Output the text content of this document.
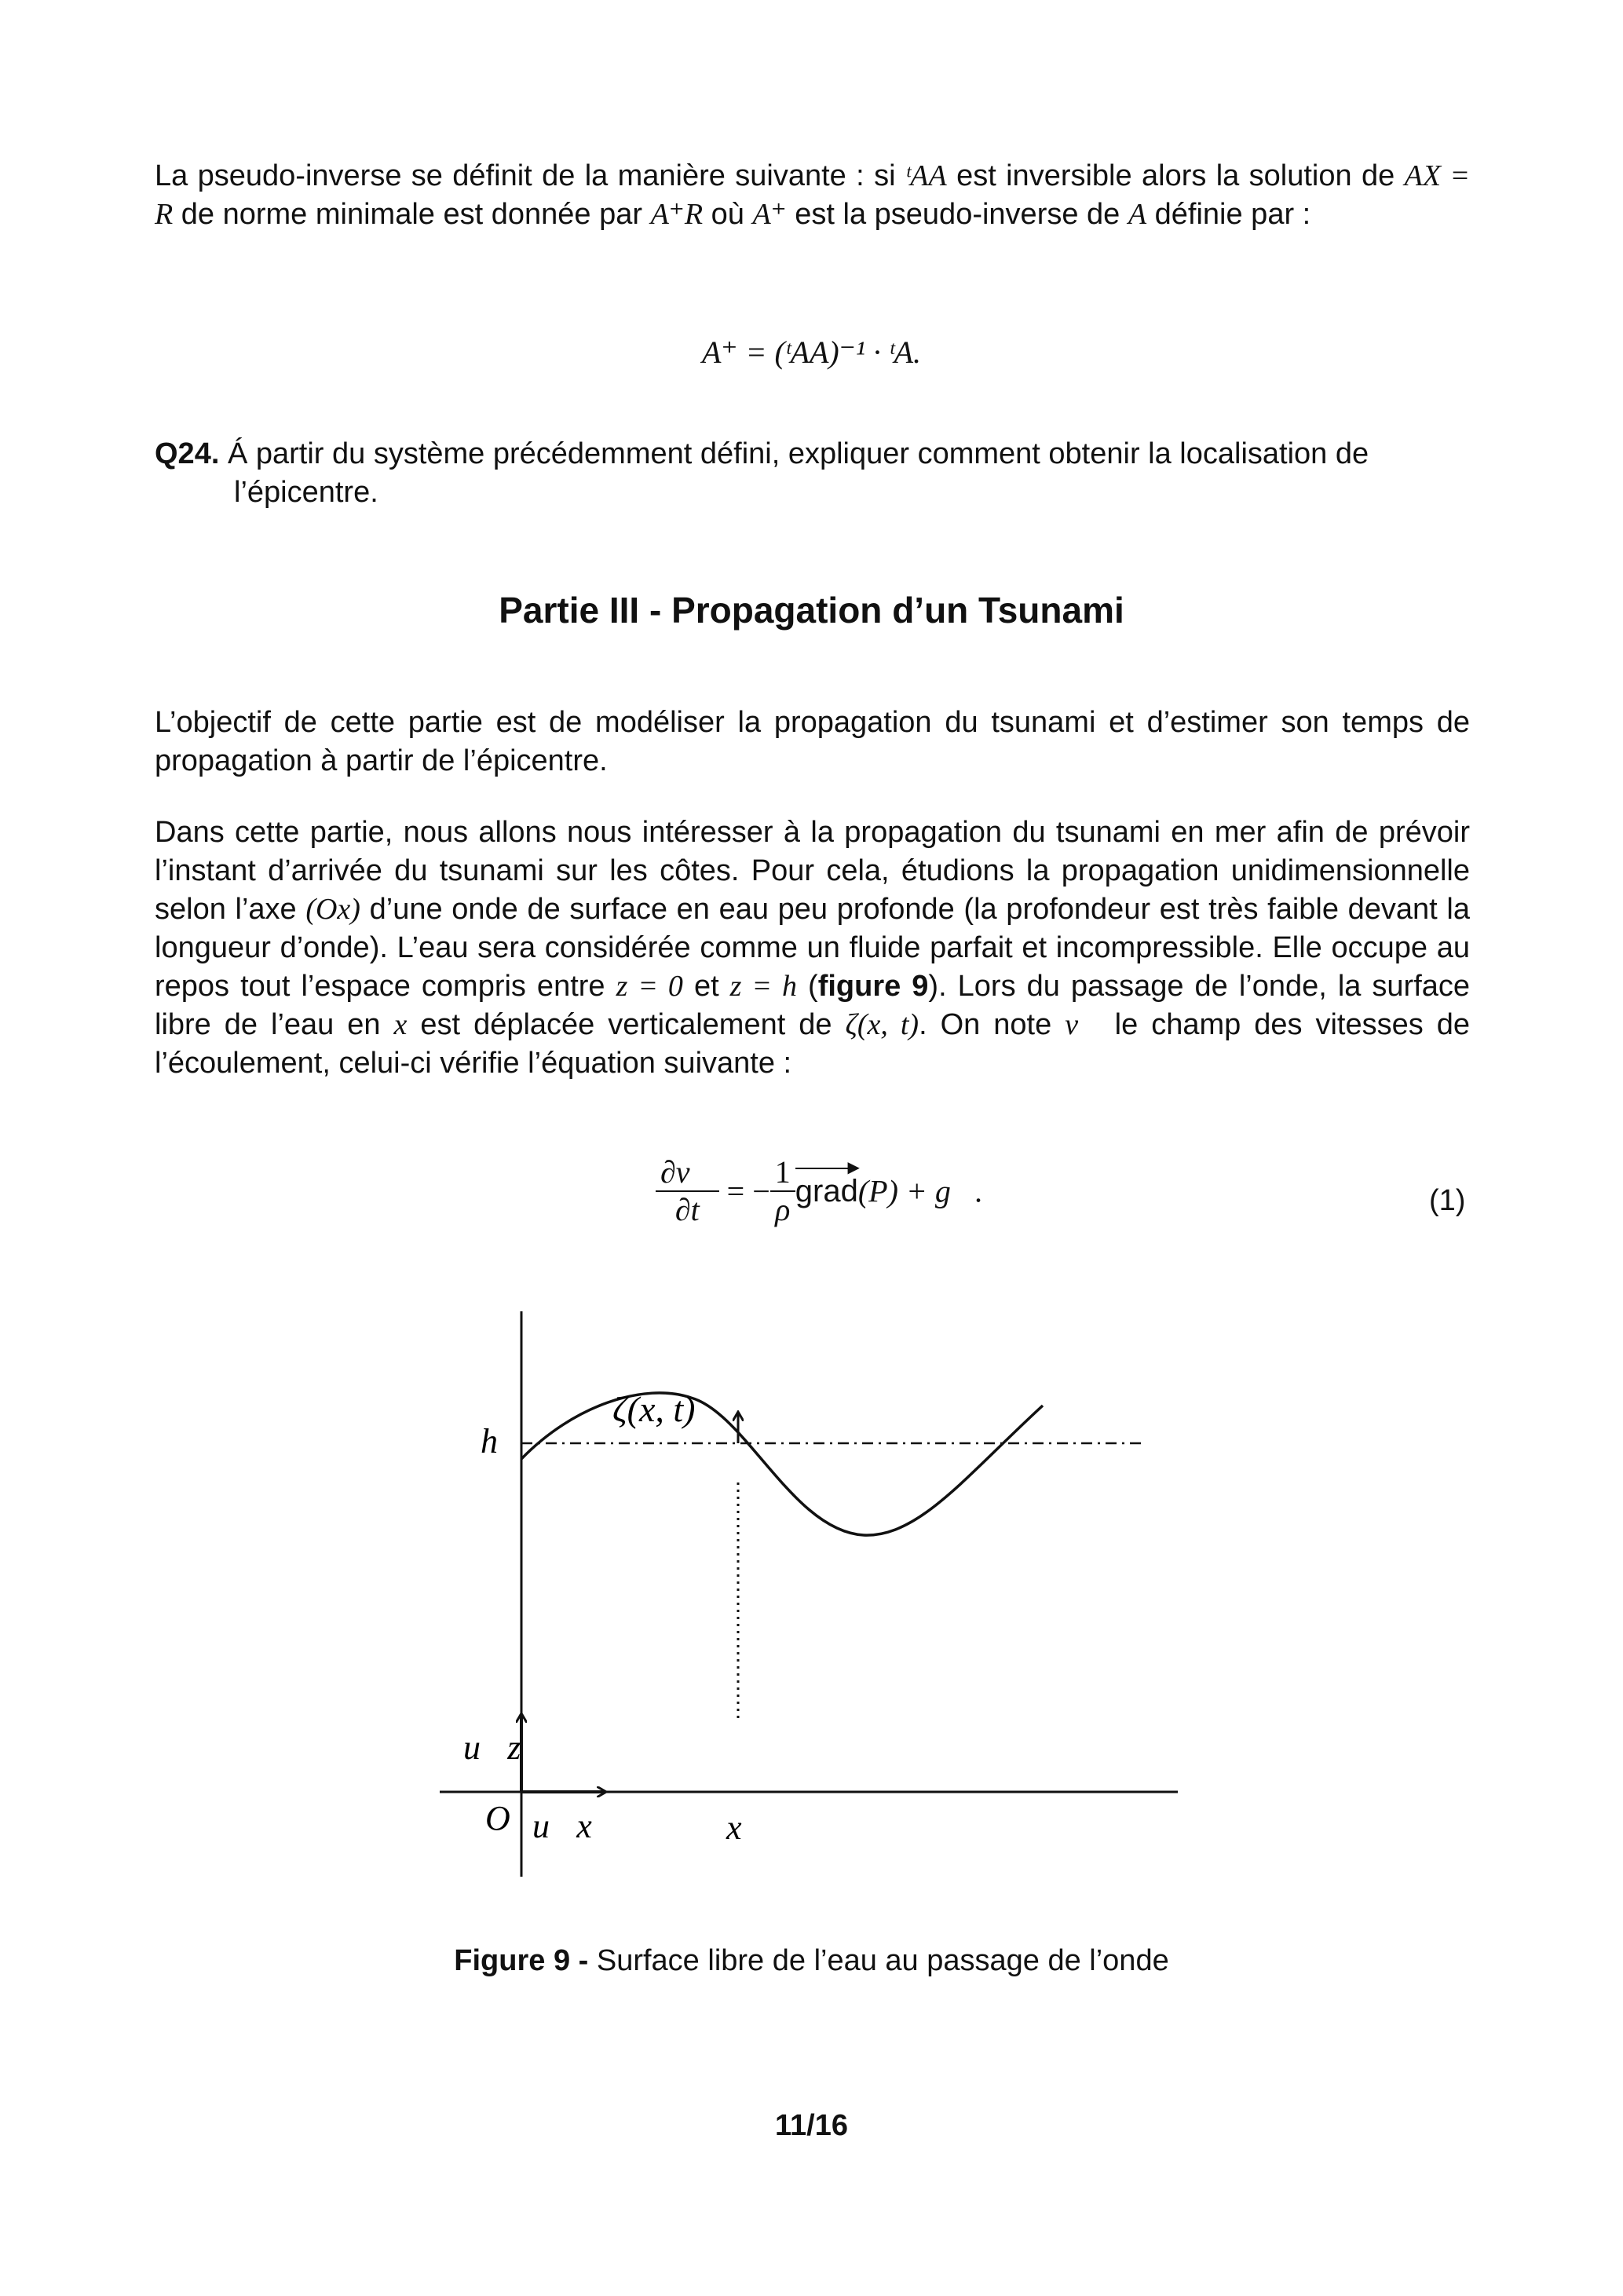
La pseudo-inverse se définit de la manière suivante : si ᵗAA est inversible alors la solution de AX = R de norme minimale est donnée par A⁺R où A⁺ est la pseudo-inverse de A définie par :
A⁺ = (ᵗAA)⁻¹ · ᵗA.
Q24. Á partir du système précédemment défini, expliquer comment obtenir la localisation de l’épicentre.
Partie III - Propagation d’un Tsunami
L’objectif de cette partie est de modéliser la propagation du tsunami et d’estimer son temps de propagation à partir de l’épicentre.
Dans cette partie, nous allons nous intéresser à la propagation du tsunami en mer afin de prévoir l’instant d’arrivée du tsunami sur les côtes. Pour cela, étudions la propagation unidimensionnelle selon l’axe (Ox) d’une onde de surface en eau peu profonde (la profondeur est très faible devant la longueur d’onde). L’eau sera considérée comme un fluide parfait et incompressible. Elle occupe au repos tout l’espace compris entre z = 0 et z = h (figure 9). Lors du passage de l’onde, la surface libre de l’eau en x est déplacée verticalement de ζ(x, t). On note v⃗ le champ des vitesses de l’écoulement, celui-ci vérifie l’équation suivante :
$\frac{\partial v⃗}{\partial t}$ = − $\frac{1}{\rho}$	▶
grad(P) + g⃗.	(1)
h
ζ(x, t)
u⃗z
O u⃗x	x
Figure 9 - Surface libre de l’eau au passage de l’onde
11/16
